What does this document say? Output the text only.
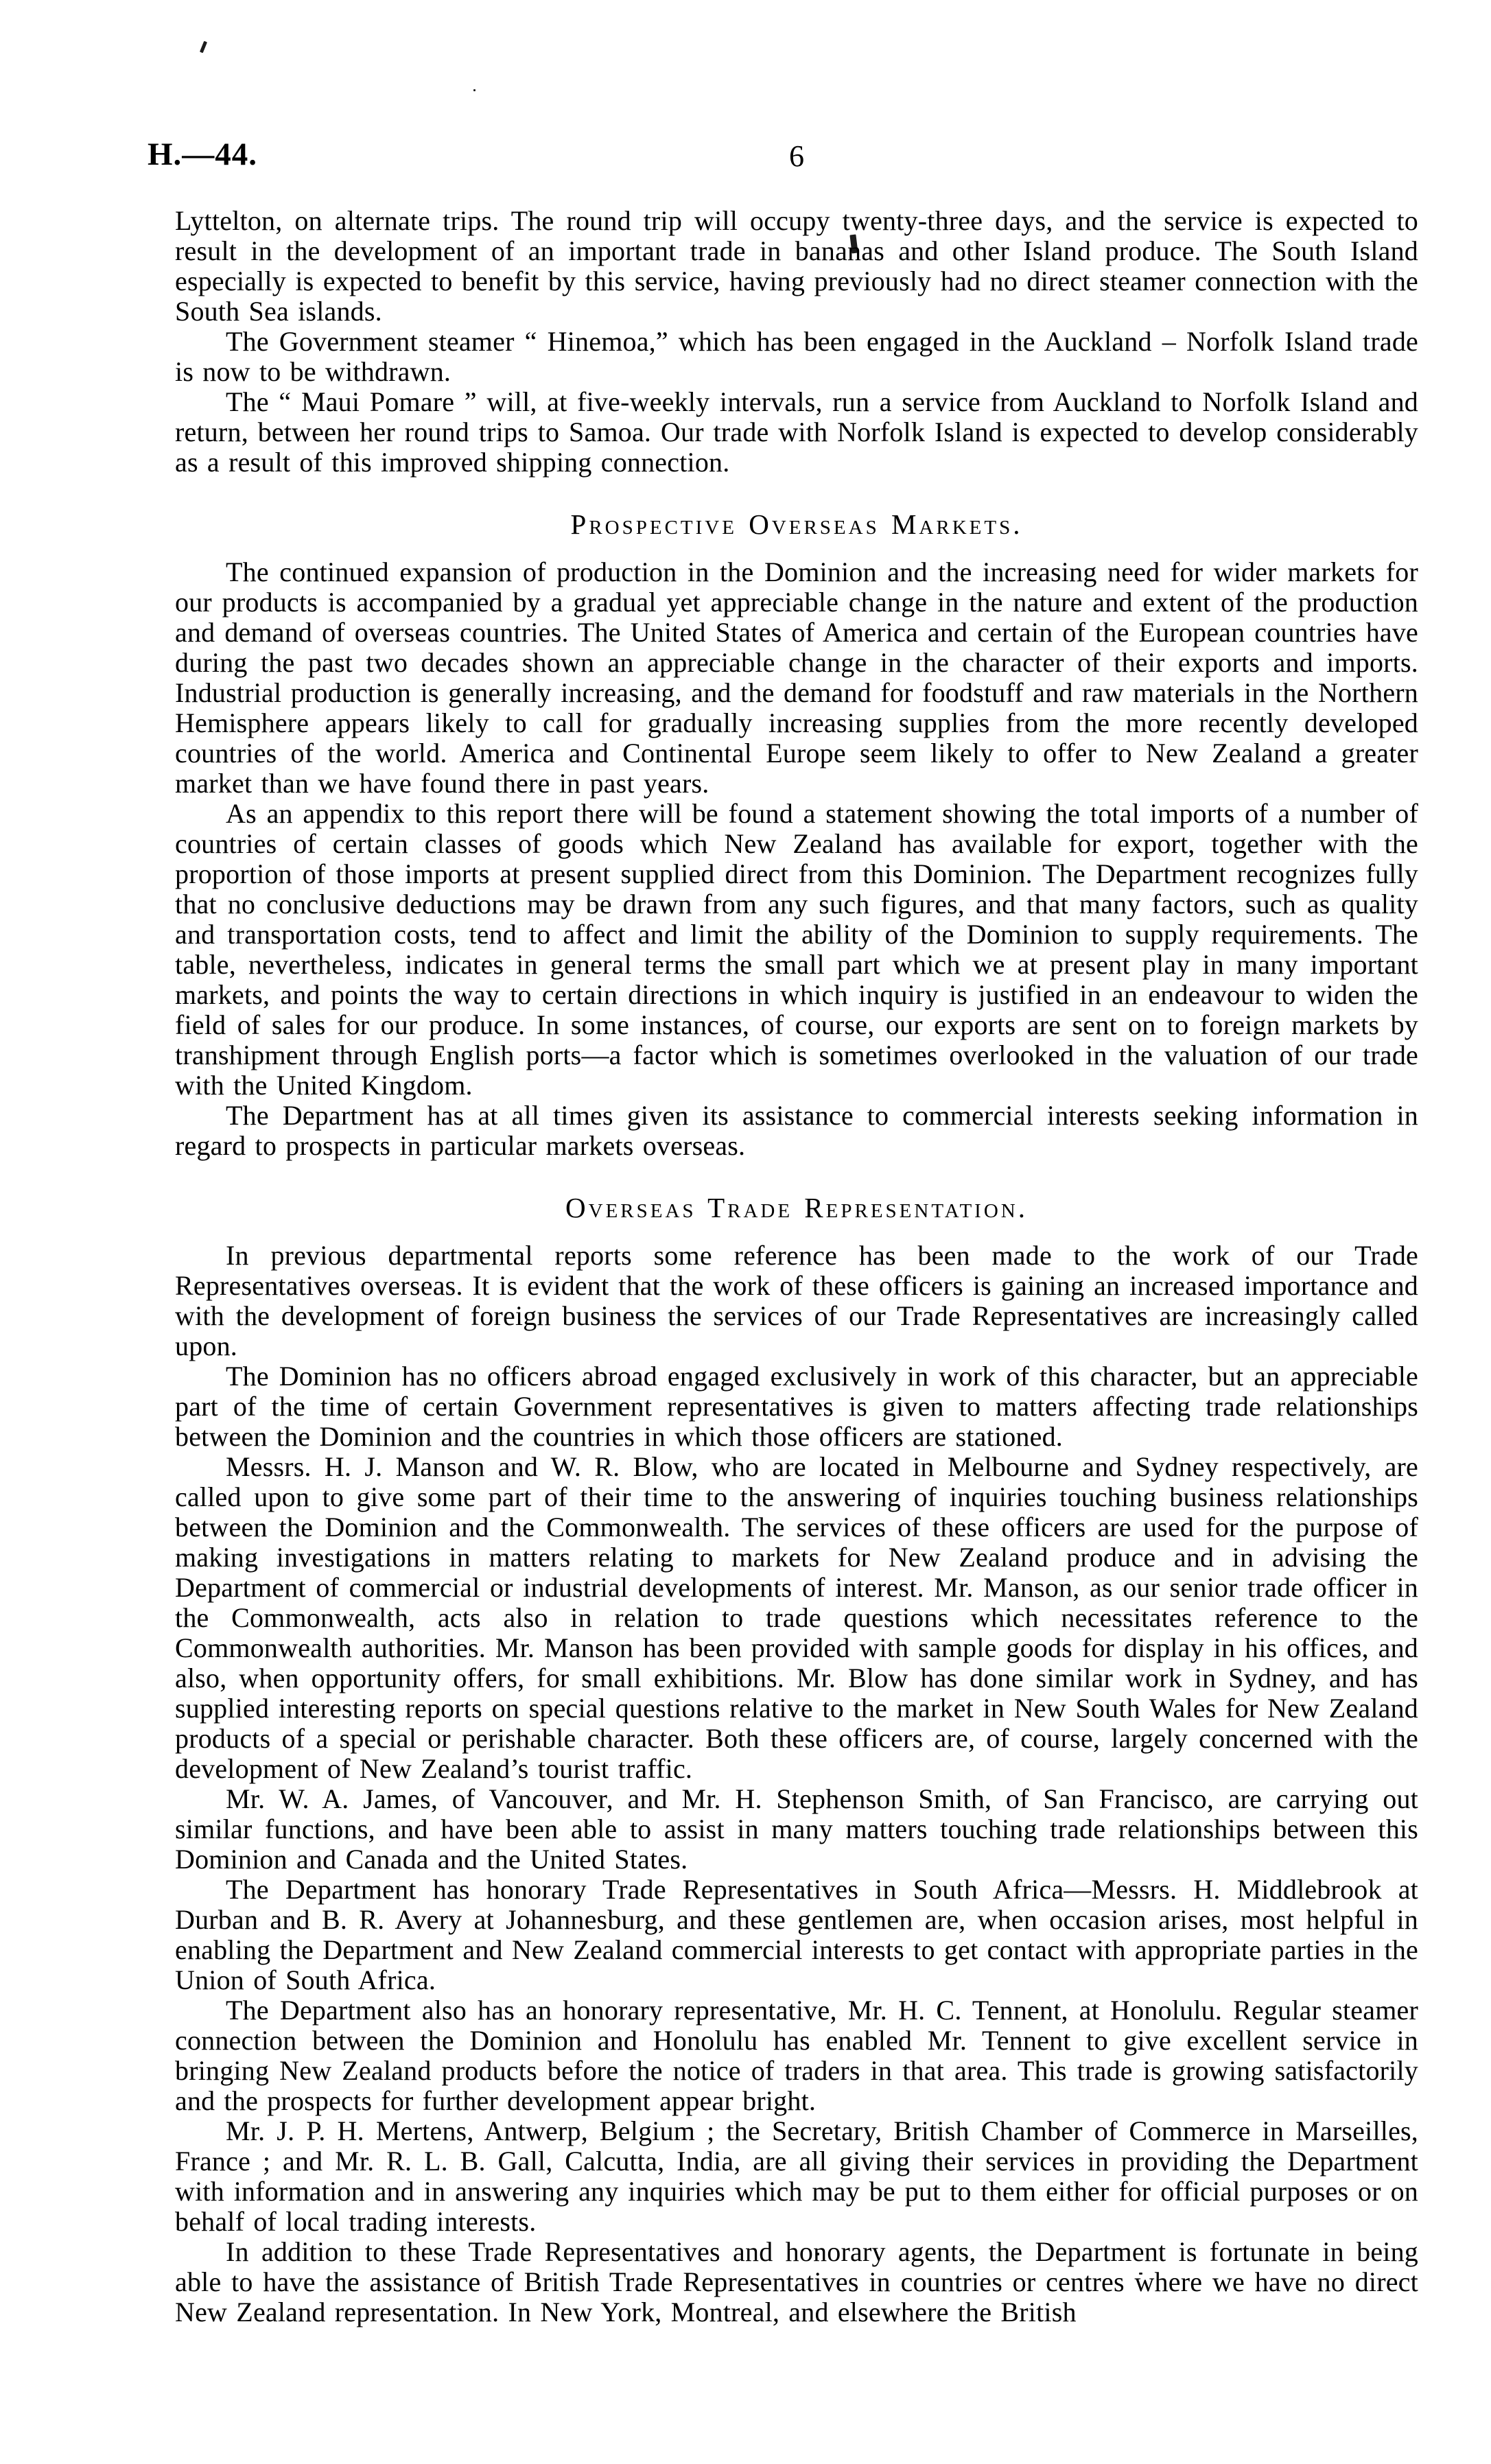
H.—44.	6

Lyttelton, on alternate trips. The round trip will occupy twenty-three days, and the service is expected to result in the development of an important trade in bananas and other Island produce. The South Island especially is expected to benefit by this service, having previously had no direct steamer connection with the South Sea islands.

The Government steamer “ Hinemoa,” which has been engaged in the Auckland – Norfolk Island trade is now to be withdrawn.

The “ Maui Pomare ” will, at five-weekly intervals, run a service from Auckland to Norfolk Island and return, between her round trips to Samoa. Our trade with Norfolk Island is expected to develop considerably as a result of this improved shipping connection.

Prospective Overseas Markets.

The continued expansion of production in the Dominion and the increasing need for wider markets for our products is accompanied by a gradual yet appreciable change in the nature and extent of the production and demand of overseas countries. The United States of America and certain of the European countries have during the past two decades shown an appreciable change in the character of their exports and imports. Industrial production is generally increasing, and the demand for foodstuff and raw materials in the Northern Hemisphere appears likely to call for gradually increasing supplies from the more recently developed countries of the world. America and Continental Europe seem likely to offer to New Zealand a greater market than we have found there in past years.

As an appendix to this report there will be found a statement showing the total imports of a number of countries of certain classes of goods which New Zealand has available for export, together with the proportion of those imports at present supplied direct from this Dominion. The Department recognizes fully that no conclusive deductions may be drawn from any such figures, and that many factors, such as quality and transportation costs, tend to affect and limit the ability of the Dominion to supply requirements. The table, nevertheless, indicates in general terms the small part which we at present play in many important markets, and points the way to certain directions in which inquiry is justified in an endeavour to widen the field of sales for our produce. In some instances, of course, our exports are sent on to foreign markets by transhipment through English ports—a factor which is sometimes overlooked in the valuation of our trade with the United Kingdom.

The Department has at all times given its assistance to commercial interests seeking information in regard to prospects in particular markets overseas.

Overseas Trade Representation.

In previous departmental reports some reference has been made to the work of our Trade Representatives overseas. It is evident that the work of these officers is gaining an increased importance and with the development of foreign business the services of our Trade Representatives are increasingly called upon.

The Dominion has no officers abroad engaged exclusively in work of this character, but an appreciable part of the time of certain Government representatives is given to matters affecting trade relationships between the Dominion and the countries in which those officers are stationed.

Messrs. H. J. Manson and W. R. Blow, who are located in Melbourne and Sydney respectively, are called upon to give some part of their time to the answering of inquiries touching business relationships between the Dominion and the Commonwealth. The services of these officers are used for the purpose of making investigations in matters relating to markets for New Zealand produce and in advising the Department of commercial or industrial developments of interest. Mr. Manson, as our senior trade officer in the Commonwealth, acts also in relation to trade questions which necessitates reference to the Commonwealth authorities. Mr. Manson has been provided with sample goods for display in his offices, and also, when opportunity offers, for small exhibitions. Mr. Blow has done similar work in Sydney, and has supplied interesting reports on special questions relative to the market in New South Wales for New Zealand products of a special or perishable character. Both these officers are, of course, largely concerned with the development of New Zealand’s tourist traffic.

Mr. W. A. James, of Vancouver, and Mr. H. Stephenson Smith, of San Francisco, are carrying out similar functions, and have been able to assist in many matters touching trade relationships between this Dominion and Canada and the United States.

The Department has honorary Trade Representatives in South Africa—Messrs. H. Middlebrook at Durban and B. R. Avery at Johannesburg, and these gentlemen are, when occasion arises, most helpful in enabling the Department and New Zealand commercial interests to get contact with appropriate parties in the Union of South Africa.

The Department also has an honorary representative, Mr. H. C. Tennent, at Honolulu. Regular steamer connection between the Dominion and Honolulu has enabled Mr. Tennent to give excellent service in bringing New Zealand products before the notice of traders in that area. This trade is growing satisfactorily and the prospects for further development appear bright.

Mr. J. P. H. Mertens, Antwerp, Belgium ; the Secretary, British Chamber of Commerce in Marseilles, France ; and Mr. R. L. B. Gall, Calcutta, India, are all giving their services in providing the Department with information and in answering any inquiries which may be put to them either for official purposes or on behalf of local trading interests.

In addition to these Trade Representatives and honorary agents, the Department is fortunate in being able to have the assistance of British Trade Representatives in countries or centres where we have no direct New Zealand representation. In New York, Montreal, and elsewhere the British
